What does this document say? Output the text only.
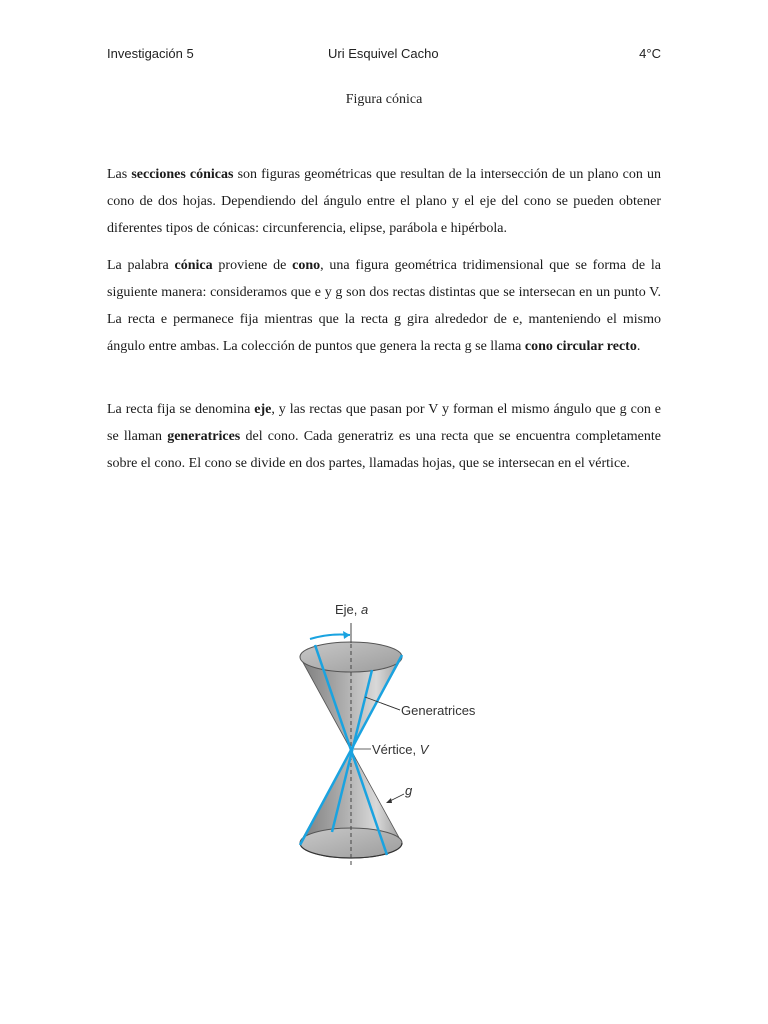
Investigación 5	Uri Esquivel Cacho	4°C
Figura cónica

Las secciones cónicas son figuras geométricas que resultan de la intersección de un plano con un cono de dos hojas. Dependiendo del ángulo entre el plano y el eje del cono se pueden obtener diferentes tipos de cónicas: circunferencia, elipse, parábola e hipérbola.

La palabra cónica proviene de cono, una figura geométrica tridimensional que se forma de la siguiente manera: consideramos que e y g son dos rectas distintas que se intersecan en un punto V. La recta e permanece fija mientras que la recta g gira alrededor de e, manteniendo el mismo ángulo entre ambas. La colección de puntos que genera la recta g se llama cono circular recto.

La recta fija se denomina eje, y las rectas que pasan por V y forman el mismo ángulo que g con e se llaman generatrices del cono. Cada generatriz es una recta que se encuentra completamente sobre el cono. El cono se divide en dos partes, llamadas hojas, que se intersecan en el vértice.

Eje, a
Generatrices
Vértice, V
g
